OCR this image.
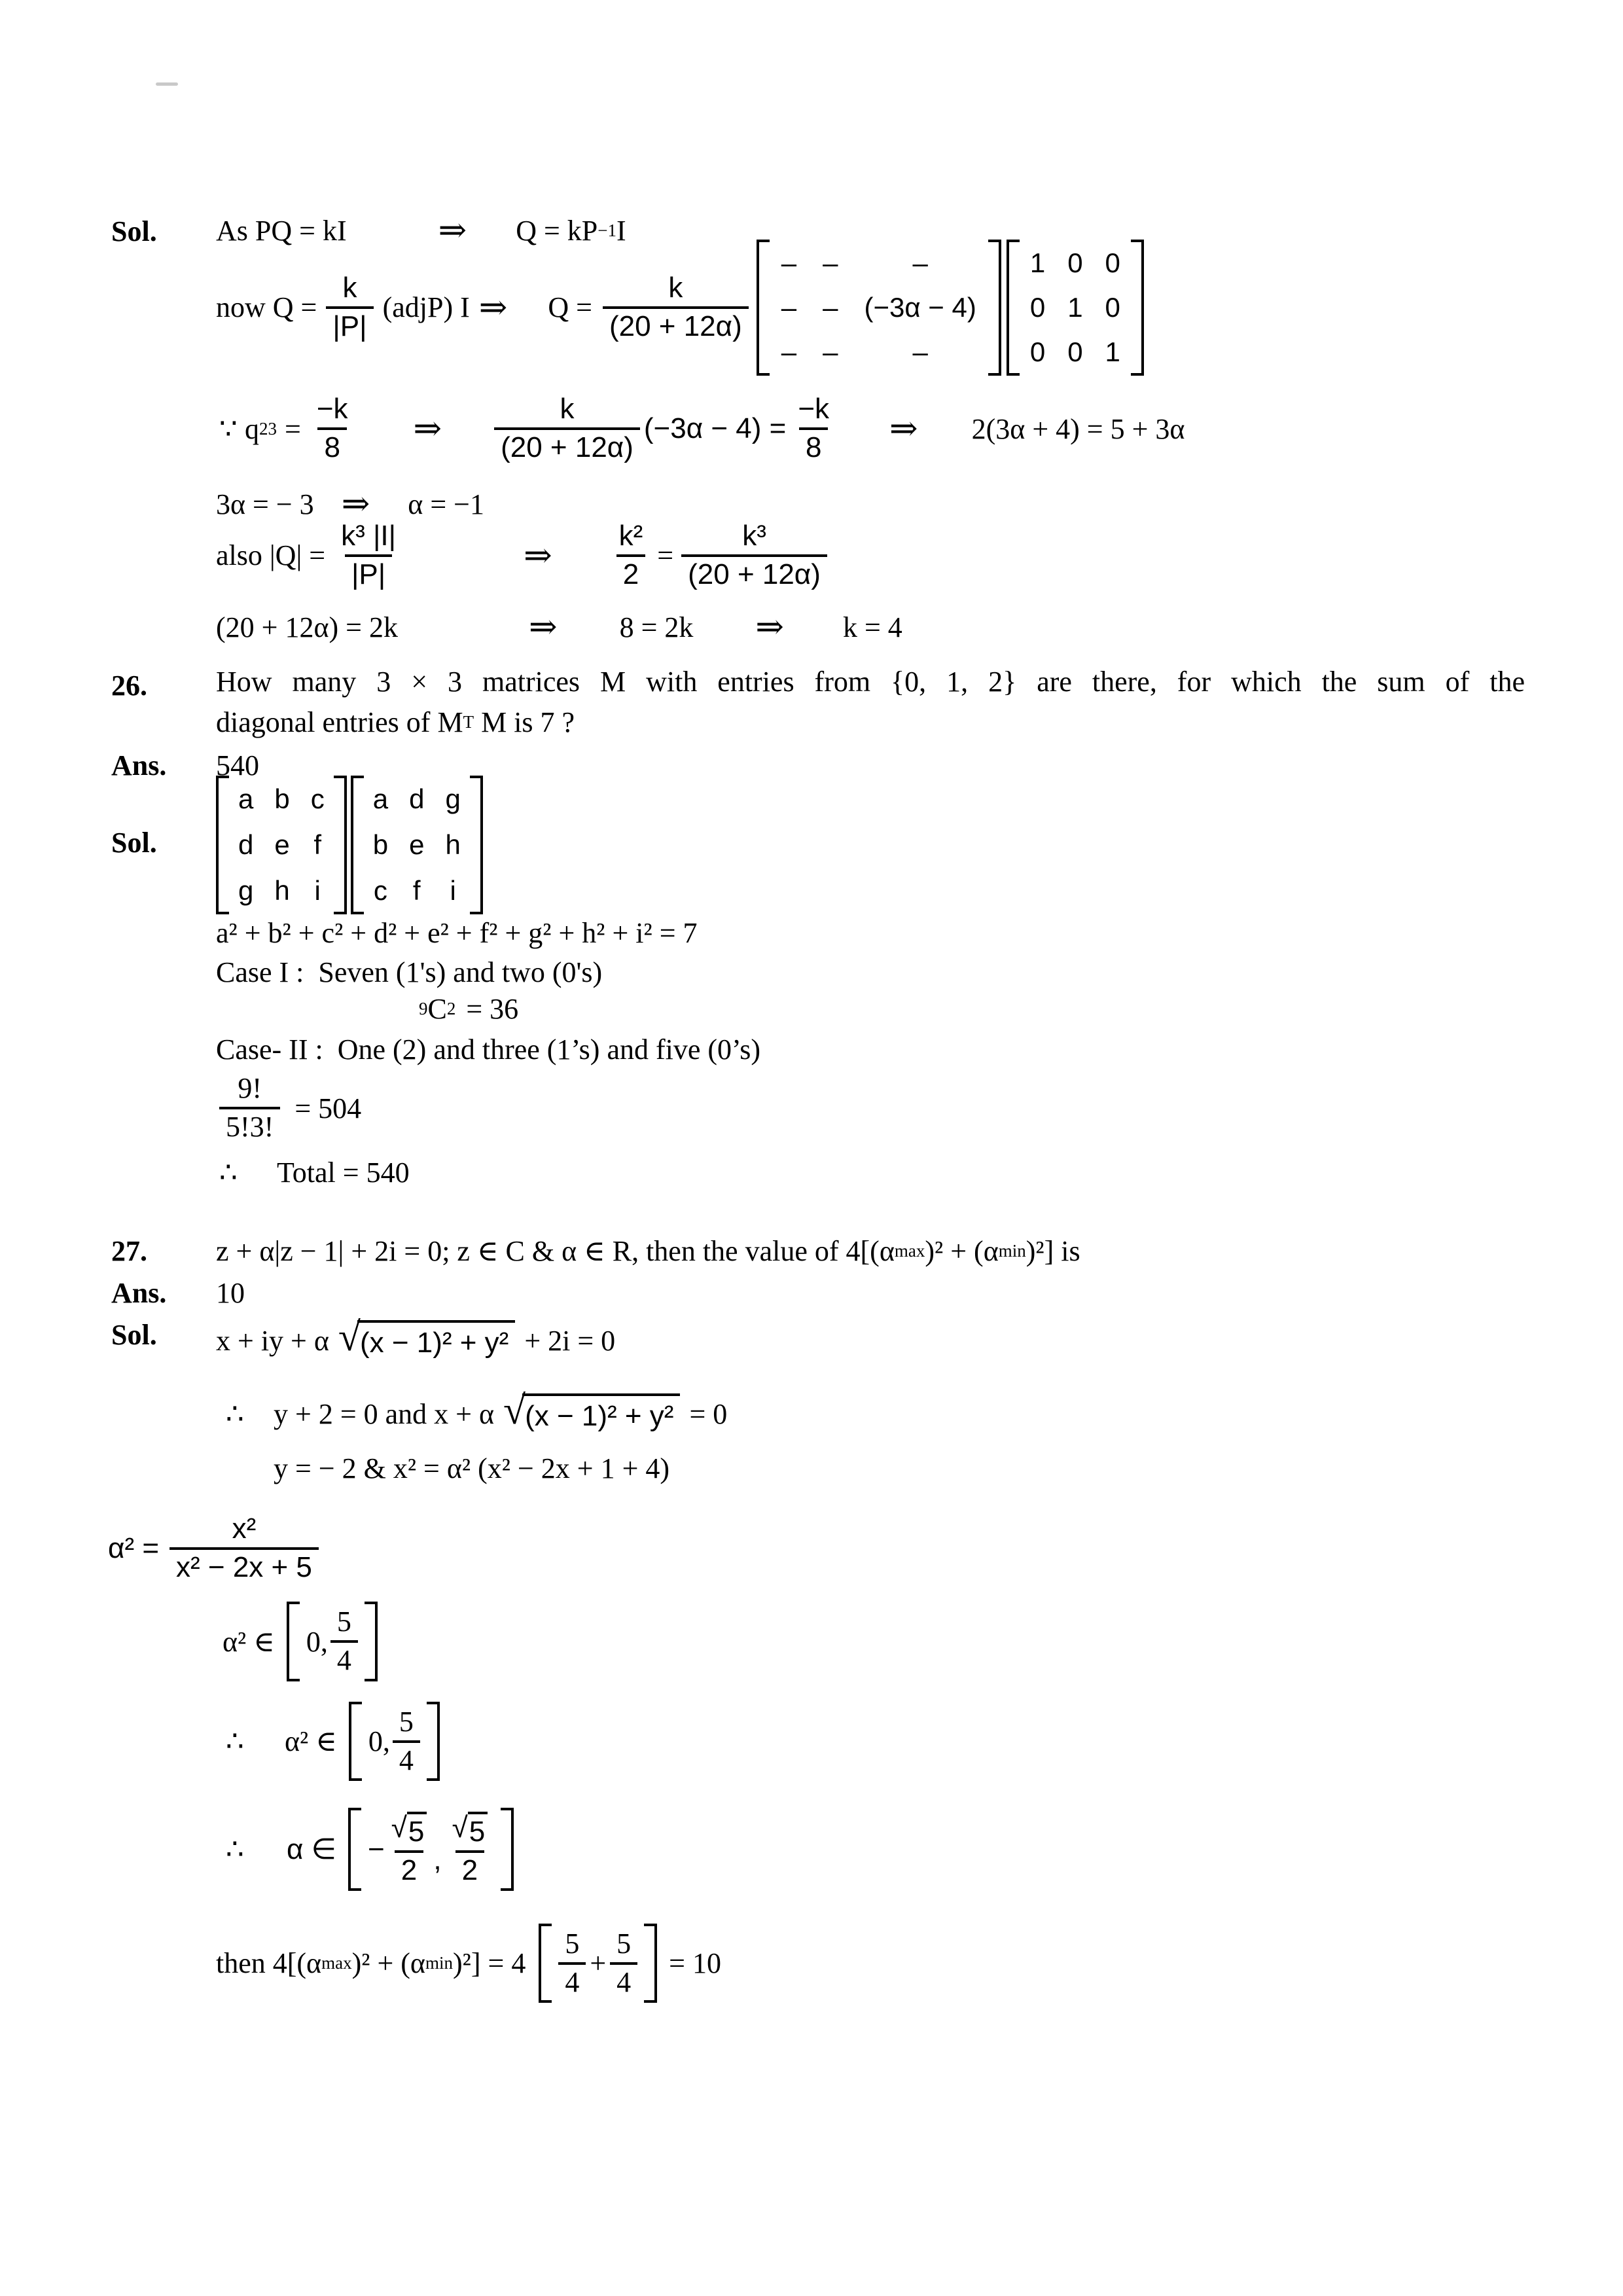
Sol. As PQ = kI	⇒ Q = kP −1 I
now $Q = \frac{k}{|P|}$ (adjP) I ⇒ $Q = \frac{k}{(20 + 12\alpha)}$
– –	–
– – (−3α − 4)
– –	–
1 0 0
0 1 0
0 0 1
∵ q $23 = \frac{-k}{8}$ ⇒ $\frac{k}{(20 + 12\alpha)} (-3\alpha - 4) = \frac{-k}{8}$ ⇒ 2(3α + 4) = 5 + 3α
3α = − 3 ⇒ α = −1
also $|Q| = \frac{\text{k³ |I|}}{|P|}$	⇒ $\frac{\text{k²}}{2} = \frac{\text{k³}}{(20 + 12\alpha)}$
(20 + 12α) = 2k	⇒ 8 = 2k ⇒ k = 4
26. How many 3 × 3 matrices M with entries from {0, 1, 2} are there, for which the sum of the
diagonal entries of M T M is 7 ?
Ans. 540
Sol.
a b c
d e f
g h i
a d g
b e h
c f i
a² + b² + c² + d² + e² + f² + g² + h² + i² = 7
Case I :  Seven (1's) and two (0's)
9 C 2 = 36
Case- II :  One (2) and three (1’s) and five (0’s)
$\frac{9!}{5!3!} = 504$
∴ Total = 540
27. z + α|z − 1| + 2i = 0; z ∈ C & α ∈ R, then the value of 4[(α max )² + (α min )²] is
Ans. 10
Sol. x + iy + α √ (x − 1)² + y² + 2i = 0
∴ y + 2 = 0 and x + α √ (x − 1)² + y² = 0
y = − 2 & x² = α² (x² − 2x + 1 + 4)
$\alpha^2 = \frac{\text{x²}}{\text{x² − 2x + 5}}$
α² ∈ 0, $\frac{5}{4}$
∴ α² ∈ 0, $\frac{5}{4}$
∴ α ∈ − $\frac{√ 5}{2}$ , $\frac{√ 5}{2}$
then 4[(α max )² + (α $\min )^2] = 4 \frac{5}{4} + \frac{5}{4} = 10$
